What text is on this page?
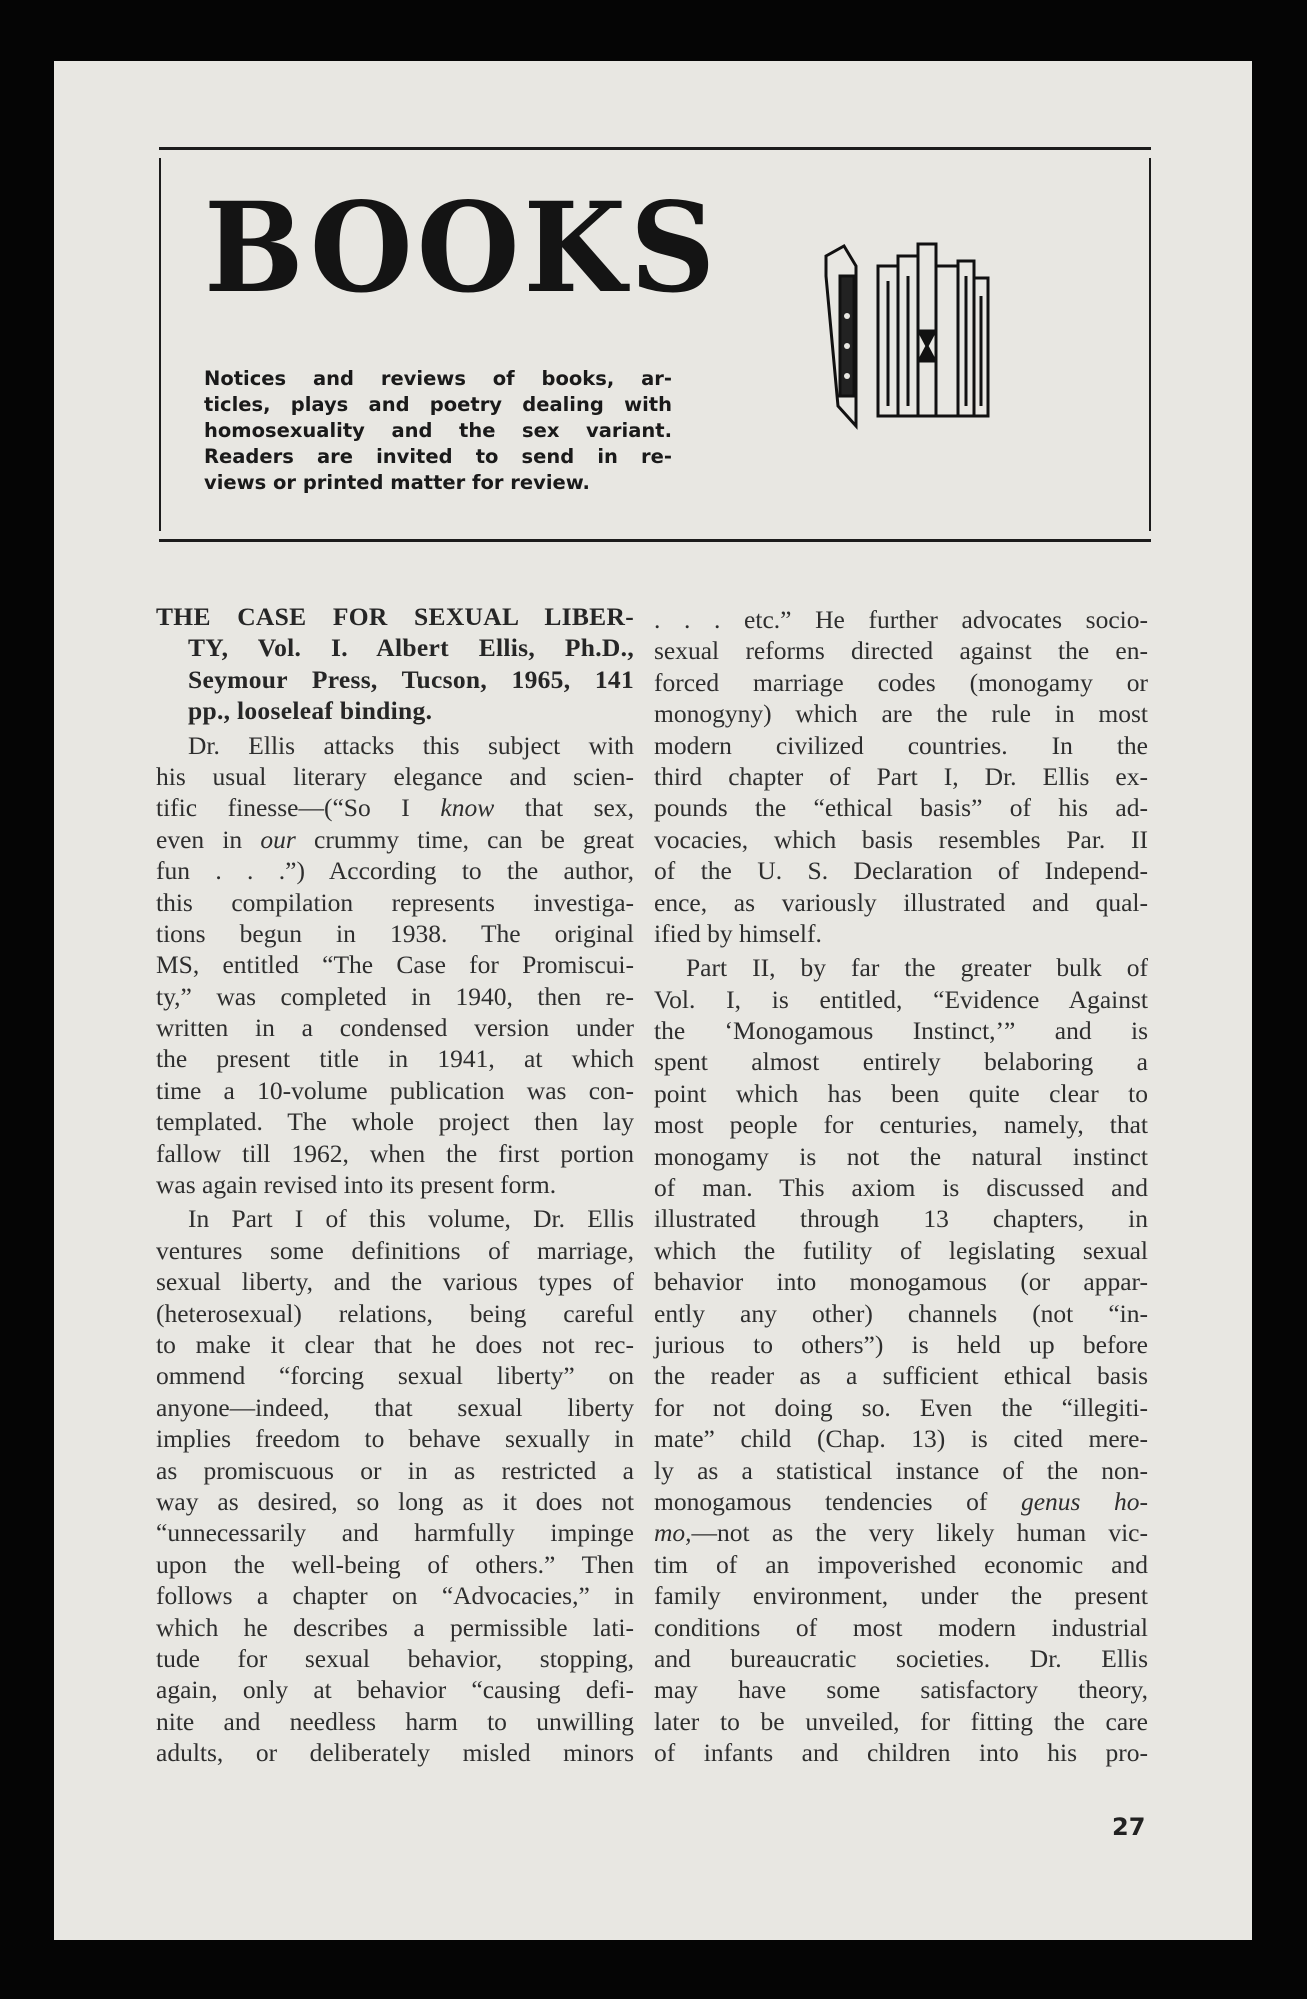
BOOKS
Notices and reviews of books, ar-
ticles, plays and poetry dealing with
homosexuality and the sex variant.
Readers are invited to send in re-
views or printed matter for review.
THE CASE FOR SEXUAL LIBER-
TY, Vol. I. Albert Ellis, Ph.D.,
Seymour Press, Tucson, 1965, 141
pp., looseleaf binding.
Dr. Ellis attacks this subject with
his usual literary elegance and scien-
tific finesse—(“So I know that sex,
even in our crummy time, can be great
fun . . .”) According to the author,
this compilation represents investiga-
tions begun in 1938. The original
MS, entitled “The Case for Promiscui-
ty,” was completed in 1940, then re-
written in a condensed version under
the present title in 1941, at which
time a 10-volume publication was con-
templated. The whole project then lay
fallow till 1962, when the first portion
was again revised into its present form.
In Part I of this volume, Dr. Ellis
ventures some definitions of marriage,
sexual liberty, and the various types of
(heterosexual) relations, being careful
to make it clear that he does not rec-
ommend “forcing sexual liberty” on
anyone—indeed, that sexual liberty
implies freedom to behave sexually in
as promiscuous or in as restricted a
way as desired, so long as it does not
“unnecessarily and harmfully impinge
upon the well-being of others.” Then
follows a chapter on “Advocacies,” in
which he describes a permissible lati-
tude for sexual behavior, stopping,
again, only at behavior “causing defi-
nite and needless harm to unwilling
adults, or deliberately misled minors
. . . etc.” He further advocates socio-
sexual reforms directed against the en-
forced marriage codes (monogamy or
monogyny) which are the rule in most
modern civilized countries. In the
third chapter of Part I, Dr. Ellis ex-
pounds the “ethical basis” of his ad-
vocacies, which basis resembles Par. II
of the U. S. Declaration of Independ-
ence, as variously illustrated and qual-
ified by himself.
Part II, by far the greater bulk of
Vol. I, is entitled, “Evidence Against
the ‘Monogamous Instinct,’” and is
spent almost entirely belaboring a
point which has been quite clear to
most people for centuries, namely, that
monogamy is not the natural instinct
of man. This axiom is discussed and
illustrated through 13 chapters, in
which the futility of legislating sexual
behavior into monogamous (or appar-
ently any other) channels (not “in-
jurious to others”) is held up before
the reader as a sufficient ethical basis
for not doing so. Even the “illegiti-
mate” child (Chap. 13) is cited mere-
ly as a statistical instance of the non-
monogamous tendencies of genus ho-
mo,—not as the very likely human vic-
tim of an impoverished economic and
family environment, under the present
conditions of most modern industrial
and bureaucratic societies. Dr. Ellis
may have some satisfactory theory,
later to be unveiled, for fitting the care
of infants and children into his pro-
27
